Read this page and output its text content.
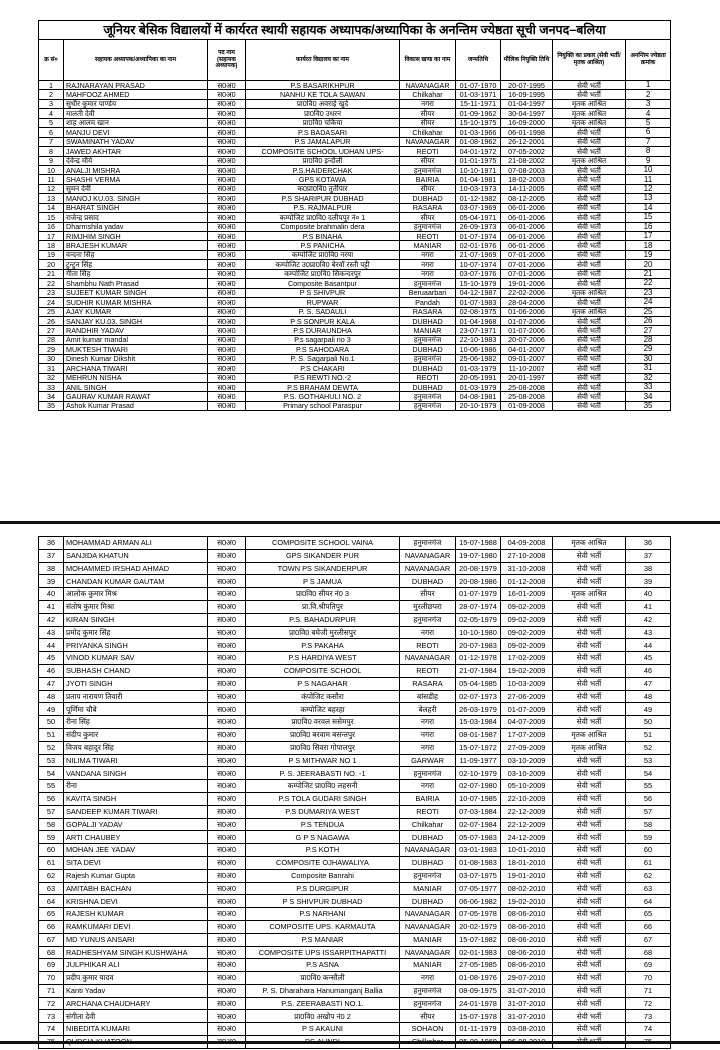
जूनियर बेसिक विद्यालयों में कार्यरत स्थायी सहायक अध्यापक/अध्यापिका के अनन्तिम ज्येष्ठता सूची जनपद–बलिया								
क्र सं०	सहायक अध्यापक/अध्यापिका का नाम	पद नाम (सहायक अध्यापक)	कार्यरत विद्यालय का नाम	विकास खण्ड का नाम	जन्मतिथि	मौलिक नियुक्ति तिथि	नियुक्ति का प्रकार (सेवी भर्ती/मृतक आश्रित)	अनन्तिम ज्येष्ठता क्रमांक
1	RAJNARAYAN PRASAD	स0अ0	P.S BASARIKHPUR	NAVANAGAR	01-07-1970	20-07-1995	सेवी भर्ती	1
2	MAHFOOZ AHMED	स0अ0	NANHU KE TOLA SAWAN	Chilkahar	01-03-1971	16-09-1995	सेवी भर्ती	2
3	सुधीर कुमार पाण्डेय	स0अ0	प्रा0वि0 अवराई खुर्द	नगरा	15-11-1971	01-04-1997	मृतक आश्रित	3
4	मालती देवी	स0अ0	प्रा0वि0 उधरन	सीयर	01-09-1962	30-04-1997	मृतक आश्रित	4
5	शाह आलम खान	स0अ0	प्रा0वि0 चकिया	सीयर	15-10-1975	16-09-2000	मृतक आश्रित	5
6	MANJU DEVI	स0अ0	P.S BADASARI	Chilkahar	01-03-1966	06-01-1998	सेवी भर्ती	6
7	SWAMINATH YADAV	स0अ0	P.S JAMALAPUR	NAVANAGAR	01-08-1962	26-12-2001	सेवी भर्ती	7
8	JAWED AKHTAR	स0अ0	COMPOSITE SCHOOL UDHAN UPS-	REOTI	04-01-1972	07-05-2002	सेवी भर्ती	8
9	देवेन्द्र मौर्य	स0अ0	प्रा0वि0 इन्दौली	सीयर	01-01-1975	21-08-2002	मृतक आश्रित	9
10	ANALJI MISHRA	स0अ0	P.S.HAIDERCHAK	हनुमानगंज	10-10-1971	07-08-2003	सेवी भर्ती	10
11	SHASHI VERMA	स0अ0	GPS KOTAWA	BAIRIA	01-04-1981	18-02-2003	सेवी भर्ती	11
12	सुमन देवी	स0अ0	क0प्रा0वि0 तुर्तीपार	सीयर	10-03-1973	14-11-2005	सेवी भर्ती	12
13	MANOJ KU.03. SINGH	स0अ0	P.S SHARIPUR DUBHAD	DUBHAD	01-12-1982	08-12-2005	सेवी भर्ती	13
14	BHARAT SINGH	स0अ0	P.S. RAJMALPUR	RASARA	03-07-1969	06-01-2006	सेवी भर्ती	14
15	राजेन्द्र प्रसाद	स0अ0	कम्पोजिट प्रा0वि0 दलीपपुर नं० 1	सीयर	05-04-1971	06-01-2006	सेवी भर्ती	15
16	Dharmshila yadav	स0अ0	Composite brahmalin dera	हनुमानगंज	26-09-1973	06-01-2006	सेवी भर्ती	16
17	RIMJHIM SINGH	स0अ0	P.S BINAHA	REOTI	01-07-1974	06-01-2006	सेवी भर्ती	17
18	BRAJESH KUMAR	स0अ0	P.S PANICHA	MANIAR	02-01-1976	06-01-2006	सेवी भर्ती	18
19	वन्दना सिंह	स0अ0	कम्पोजिट प्रा0वि0 नरया	नगरा	21-07-1969	07-01-2006	सेवी भर्ती	19
20	टुन्टुन सिंह	स0अ0	कम्पोजिट उ0प्रा0वि0 बेरवॉ रस्ती पट्टी	नगरा	10-07-1974	07-01-2006	सेवी भर्ती	20
21	गीता सिंह	स0अ0	कम्पोजिट प्रा0वि0 सिकन्दरपुर	नगरा	03-07-1976	07-01-2006	सेवी भर्ती	21
22	Shambhu Nath Prasad	स0अ0	Composite Basantpur	हनुमानगंज	15-10-1979	19-01-2006	सेवी भर्ती	22
23	SUJEET KUMAR SINGH	स0अ0	P S SHIVPUR	Beruaarbari	04-12-1987	22-02-2006	मृतक आश्रित	23
24	SUDHIR KUMAR MISHRA	स0अ0	RUPWAR	Pandah	01-07-1983	28-04-2006	सेवी भर्ती	24
25	AJAY KUMAR	स0अ0	P. S. SADAULI	RASARA	02-08-1975	01-06-2006	मृतक आश्रित	25
26	SANJAY KU.03. SINGH	स0अ0	P S SONPUR KALA	DUBHAD	01-04-1968	01-07-2006	सेवी भर्ती	26
27	RANDHIR YADAV	स0अ0	P.S DURAUNDHA	MANIAR	23-07-1971	01-07-2006	सेवी भर्ती	27
28	Amit kumar mandal	स0अ0	P.s sagarpali no 3	हनुमानगंज	22-10-1983	20-07-2006	सेवी भर्ती	28
29	MUKTESH TIWARI	स0अ0	P.S SAHODARA	DUBHAD	10-06-1986	04-01-2007	सेवी भर्ती	29
30	Dinesh Kumar Dikshit	स0अ0	P. S. Sagarpali No.1	हनुमानगंज	25-06-1982	09-01-2007	सेवी भर्ती	30
31	ARCHANA TIWARI	स0अ0	P.S CHAKARI	DUBHAD	01-03-1979	11-10-2007	सेवी भर्ती	31
32	MEHRUN NISHA	स0अ0	P.S REWTI NO.-2	REOTI	20-05-1991	20-01-1997	सेवी भर्ती	32
33	ANIL SINGH	स0अ0	P.S BRAHAM DEWTA	DUBHAD	01-03-1979	25-08-2008	सेवी भर्ती	33
34	GAURAV KUMAR RAWAT	स0अ0	P.S. GOTHAHULI NO. 2	हनुमानगंज	04-08-1981	25-08-2008	सेवी भर्ती	34
35	Ashok Kumar Prasad	स0अ0	Primary school Paraspur	हनुमानगंज	20-10-1979	01-09-2008	सेवी भर्ती	35
36	MOHAMMAD ARMAN ALI	स0अ0	COMPOSITE SCHOOL VAINA	हनुमानगंज	15-07-1988	04-09-2008	मृतक आश्रित	36
37	SANJIDA KHATUN	स0अ0	GPS SIKANDER PUR	NAVANAGAR	19-07-1980	27-10-2008	सेवी भर्ती	37
38	MOHAMMED IRSHAD AHMAD	स0अ0	TOWN PS SIKANDERPUR	NAVANAGAR	20-08-1979	31-10-2008	सेवी भर्ती	38
39	CHANDAN KUMAR GAUTAM	स0अ0	P S JAMUA	DUBHAD	20-08-1986	01-12-2008	सेवी भर्ती	39
40	आलोक कुमार मिश्र	स0अ0	प्रा0वि0 सीयर नं0 3	सीयर	01-07-1979	16-01-2009	मृतक आश्रित	40
41	संतोष कुमार मिश्रा	स0अ0	प्रा.वि.श्रीपतिपुर	मुरलीछपरा	28-07-1974	09-02-2009	सेवी भर्ती	41
42	KIRAN SINGH	स0अ0	P.S. BAHADURPUR	हनुमानगंज	02-05-1979	09-02-2009	सेवी भर्ती	42
43	प्रमोद कुमार सिंह	स0अ0	प्रा0वि0 बघेजी मुरलीसपुर	नगरा	10-10-1980	09-02-2009	सेवी भर्ती	43
44	PRIYANKA SINGH	स0अ0	P.S PAKAHA	REOTI	20-07-1983	09-02-2009	सेवी भर्ती	44
45	VINOD KUMAR SAV	स0अ0	P.S HARDIYA WEST	NAVANAGAR	01-12-1978	17-02-2009	सेवी भर्ती	45
46	SUBHASH CHAND	स0अ0	COMPOSITE SCHOOL	REOTI	21-07-1984	19-02-2009	सेवी भर्ती	46
47	JYOTI SINGH	स0अ0	P S NAGAHAR	RASARA	05-04-1985	10-03-2009	सेवी भर्ती	47
48	प्रताप नारायण तिवारी	स0अ0	कंपोजिट कसौरा	बांसडीह	02-07-1973	27-06-2009	सेवी भर्ती	48
49	पूर्णिमा चौबे	स0अ0	कम्पोजिट बहरहा	बेलहरी	26-03-1979	01-07-2009	सेवी भर्ती	49
50	रीना सिंह	स0अ0	प्रा0वि0 वरवल ससेमपुर	नगरा	15-03-1984	04-07-2009	सेवी भर्ती	50
51	संदीप कुमार	स0अ0	प्रा0वि0 बरवाम बसन्तपुर	नगरा	08-01-1987	17-07-2009	मृतक आश्रित	51
52	विजय बहादुर सिंह	स0अ0	प्रा0वि0 सिवरा गोपालपुर	नगरा	15-07-1972	27-09-2009	मृतक आश्रित	52
53	NILIMA TIWARI	स0अ0	P S MITHWAR NO 1	GARWAR	11-09-1977	03-10-2009	सेवी भर्ती	53
54	VANDANA SINGH	स0अ0	P. S. JEERABASTI NO. -1	हनुमानगंज	02-10-1979	03-10-2009	सेवी भर्ती	54
55	रीना	स0अ0	कम्पोजिट प्रा0वि0 लहसनी	नगरा	02-07-1980	05-10-2009	सेवी भर्ती	55
56	KAVITA SINGH	स0अ0	P.S TOLA GUDARI SINGH	BAIRIA	10-07-1985	22-10-2009	सेवी भर्ती	56
57	SANDEEP KUMAR TIWARI	स0अ0	P.S DUMARIYA WEST	REOTI	07-03-1984	22-12-2009	सेवी भर्ती	57
58	GOPALJI YADAV	स0अ0	P.S TENDUA	Chilkahar	02-07-1984	22-12-2009	सेवी भर्ती	58
59	ARTI CHAUBEY	स0अ0	G P S NAGAWA	DUBHAD	05-07-1983	24-12-2009	सेवी भर्ती	59
60	MOHAN JEE YADAV	स0अ0	P.S KOTH	NAVANAGAR	03-01-1983	10-01-2010	सेवी भर्ती	60
61	SITA DEVI	स0अ0	COMPOSITE OJHAWALIYA	DUBHAD	01-08-1983	18-01-2010	सेवी भर्ती	61
62	Rajesh Kumar Gupta	स0अ0	Composite Banrahi	हनुमानगंज	03-07-1975	19-01-2010	सेवी भर्ती	62
63	AMITABH BACHAN	स0अ0	P.S DURGIPUR	MANIAR	07-05-1977	08-02-2010	सेवी भर्ती	63
64	KRISHNA DEVI	स0अ0	P S SHIVPUR DUBHAD	DUBHAD	06-06-1982	19-02-2010	सेवी भर्ती	64
65	RAJESH KUMAR	स0अ0	P.S NARHANI	NAVANAGAR	07-05-1978	08-06-2010	सेवी भर्ती	65
66	RAMKUMARI DEVI	स0अ0	COMPOSITE UPS. KARMAUTA	NAVANAGAR	20-02-1979	08-06-2010	सेवी भर्ती	66
67	MD YUNUS ANSARI	स0अ0	P.S MANIAR	MANIAR	15-07-1982	08-06-2010	सेवी भर्ती	67
68	RADHESHYAM SINGH KUSHWAHA	स0अ0	COMPOSITE UPS ISSARPITHAPATTI	NAVANAGAR	02-01-1983	08-06-2010	सेवी भर्ती	68
69	JULPHIKAR ALI	स0अ0	P.S ASNA	MANIAR	27-05-1985	08-06-2010	सेवी भर्ती	69
70	प्रदीप कुमार यादव	स0अ0	प्रा0वि0 कन्सौली	नगरा	01-08-1976	29-07-2010	सेवी भर्ती	70
71	Kanti Yadav	स0अ0	P. S. Dharahara Hanumanganj Ballia	हनुमानगंज	08-09-1975	31-07-2010	सेवी भर्ती	71
72	ARCHANA CHAUDHARY	स0अ0	P.S. ZEERABASTI NO.1.	हनुमानगंज	24-01-1978	31-07-2010	सेवी भर्ती	72
73	संगीता देवी	स0अ0	प्रा0वि0 अखोप नं0 2	सीयर	15-07-1978	31-07-2010	सेवी भर्ती	73
74	NIBEDITA KUMARI	स0अ0	P S AKAUNI	SOHAON	01-11-1979	03-08-2010	सेवी भर्ती	74
